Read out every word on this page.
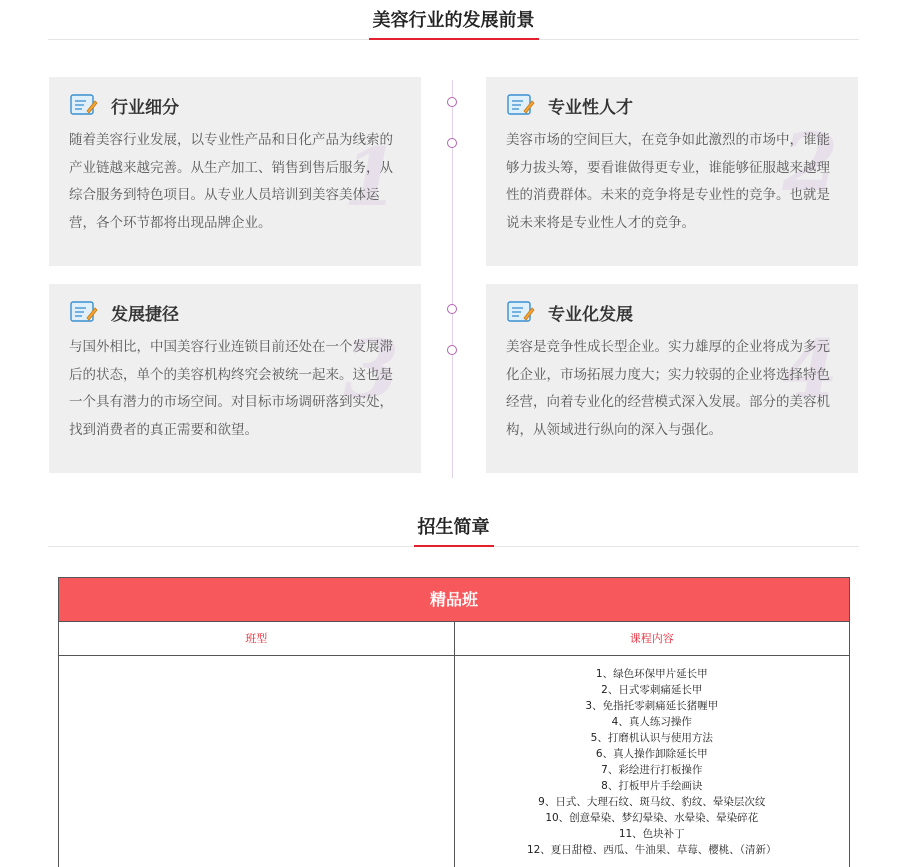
美容行业的发展前景
1
行业细分
随着美容行业发展，以专业性产品和日化产品为线索的产业链越来越完善。从生产加工、销售到售后服务，从综合服务到特色项目。从专业人员培训到美容美体运营，各个环节都将出现品牌企业。
2
专业性人才
美容市场的空间巨大，在竞争如此激烈的市场中，谁能够力拔头筹，要看谁做得更专业，谁能够征服越来越理性的消费群体。未来的竞争将是专业性的竞争。也就是说未来将是专业性人才的竞争。
3
发展捷径
与国外相比，中国美容行业连锁目前还处在一个发展滞后的状态，单个的美容机构终究会被统一起来。这也是一个具有潜力的市场空间。对目标市场调研落到实处，找到消费者的真正需要和欲望。
4
专业化发展
美容是竞争性成长型企业。实力雄厚的企业将成为多元化企业，市场拓展力度大；实力较弱的企业将选择特色经营，向着专业化的经营模式深入发展。部分的美容机构，从领域进行纵向的深入与强化。
招生简章
精品班
班型	课程内容
1、绿色环保甲片延长甲
2、日式零刺痛延长甲
3、免指托零刺痛延长猪喱甲
4、真人练习操作
5、打磨机认识与使用方法
6、真人操作卸除延长甲
7、彩绘进行打板操作
8、打板甲片手绘画诀
9、日式、大理石纹、斑马纹、豹纹、晕染层次纹
10、创意晕染、梦幻晕染、水晕染、晕染碎花
11、色块补丁
12、夏日甜橙、西瓜、牛油果、草莓、樱桃、（清新）
